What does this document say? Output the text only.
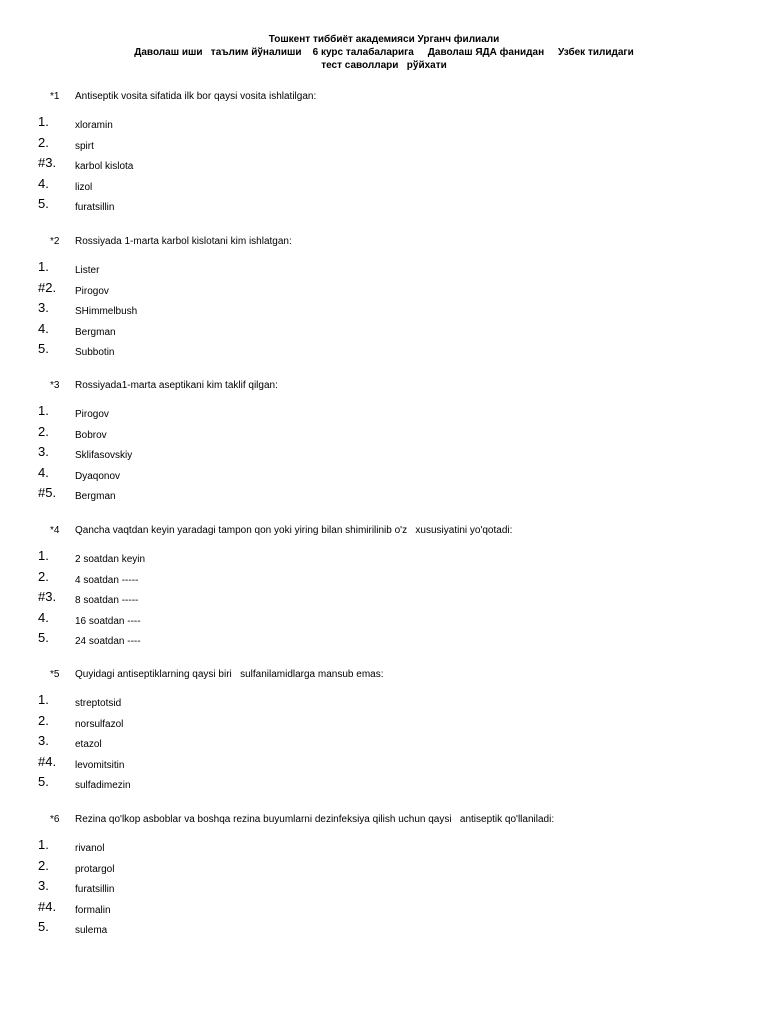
Тошкент тиббиёт академияси Урганч филиали
Даволаш иши   таълим йўналиши    6 курс талабаларига     Даволаш ЯДА фанидан     Узбек тилидаги
тест саволлари   рўйхати
*1 Antiseptik vosita sifatida ilk bor qaysi vosita ishlatilgan:
1.	xloramin
2.	spirt
#3. karbol kislota
4.	lizol
5.	furatsillin
*2 Rossiyada 1-marta karbol kislotani kim ishlatgan:
1.	Lister
#2. Pirogov
3.	SHimmelbush
4.	Bergman
5.	Subbotin
*3 Rossiyada1-marta aseptikani kim taklif qilgan:
1.	Pirogov
2.	Bobrov
3.	Sklifasovskiy
4.	Dyaqonov
#5. Bergman
*4 Qancha vaqtdan keyin yaradagi tampon qon yoki yiring bilan shimirilinib o'z   xususiyatini yo'qotadi:
1.	2 soatdan keyin
2.	4 soatdan -----
#3. 8 soatdan -----
4.	16 soatdan ----
5.	24 soatdan ----
*5 Quyidagi antiseptiklarning qaysi biri   sulfanilamidlarga mansub emas:
1.	streptotsid
2.	norsulfazol
3.	etazol
#4. levomitsitin
5.	sulfadimezin
*6 Rezina qo'lkop asboblar va boshqa rezina buyumlarni dezinfeksiya qilish uchun qaysi   antiseptik qo'llaniladi:
1.	rivanol
2.	protargol
3.	furatsillin
#4. formalin
5.	sulema
